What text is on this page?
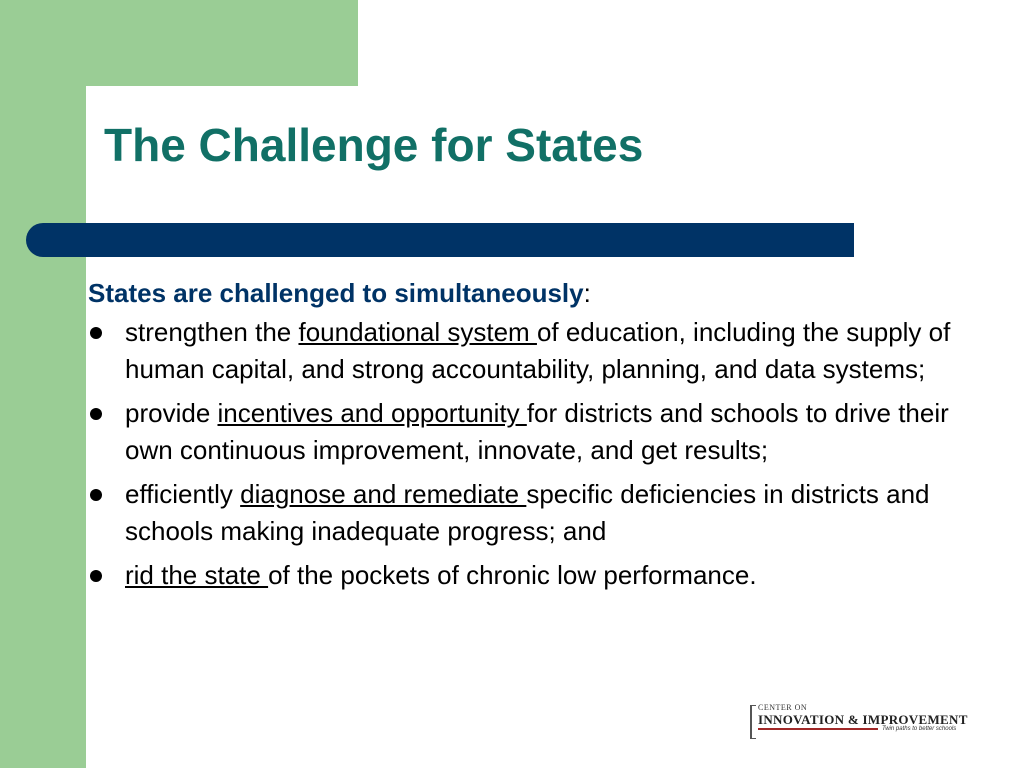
The Challenge for States

States are challenged to simultaneously:

strengthen the foundational system of education, including the supply of human capital, and strong accountability, planning, and data systems;
provide incentives and opportunity for districts and schools to drive their own continuous improvement, innovate, and get results;
efficiently diagnose and remediate specific deficiencies in districts and schools making inadequate progress; and
rid the state of the pockets of chronic low performance.
CENTER ON
INNOVATION & IMPROVEMENT
Twin paths to better schools
